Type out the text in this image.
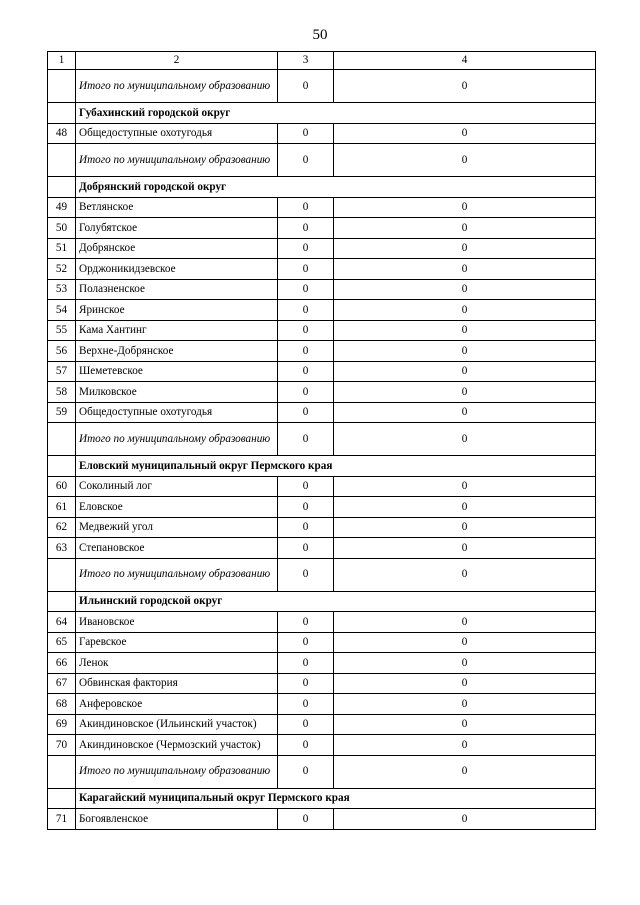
50
1	2	3	4
	Итого по муниципальному образованию	0	0
	Губахинский городской округ		
48	Общедоступные охотугодья	0	0
	Итого по муниципальному образованию	0	0
	Добрянский городской округ		
49	Ветлянское	0	0
50	Голубятское	0	0
51	Добрянское	0	0
52	Орджоникидзевское	0	0
53	Полазненское	0	0
54	Яринское	0	0
55	Кама Хантинг	0	0
56	Верхне-Добрянское	0	0
57	Шеметевское	0	0
58	Милковское	0	0
59	Общедоступные охотугодья	0	0
	Итого по муниципальному образованию	0	0
	Еловский муниципальный округ Пермского края		
60	Соколиный лог	0	0
61	Еловское	0	0
62	Медвежий угол	0	0
63	Степановское	0	0
	Итого по муниципальному образованию	0	0
	Ильинский городской округ		
64	Ивановское	0	0
65	Гаревское	0	0
66	Ленок	0	0
67	Обвинская фактория	0	0
68	Анферовское	0	0
69	Акиндиновское (Ильинский участок)	0	0
70	Акиндиновское (Чермозский участок)	0	0
	Итого по муниципальному образованию	0	0
	Карагайский муниципальный округ Пермского края		
71	Богоявленское	0	0
